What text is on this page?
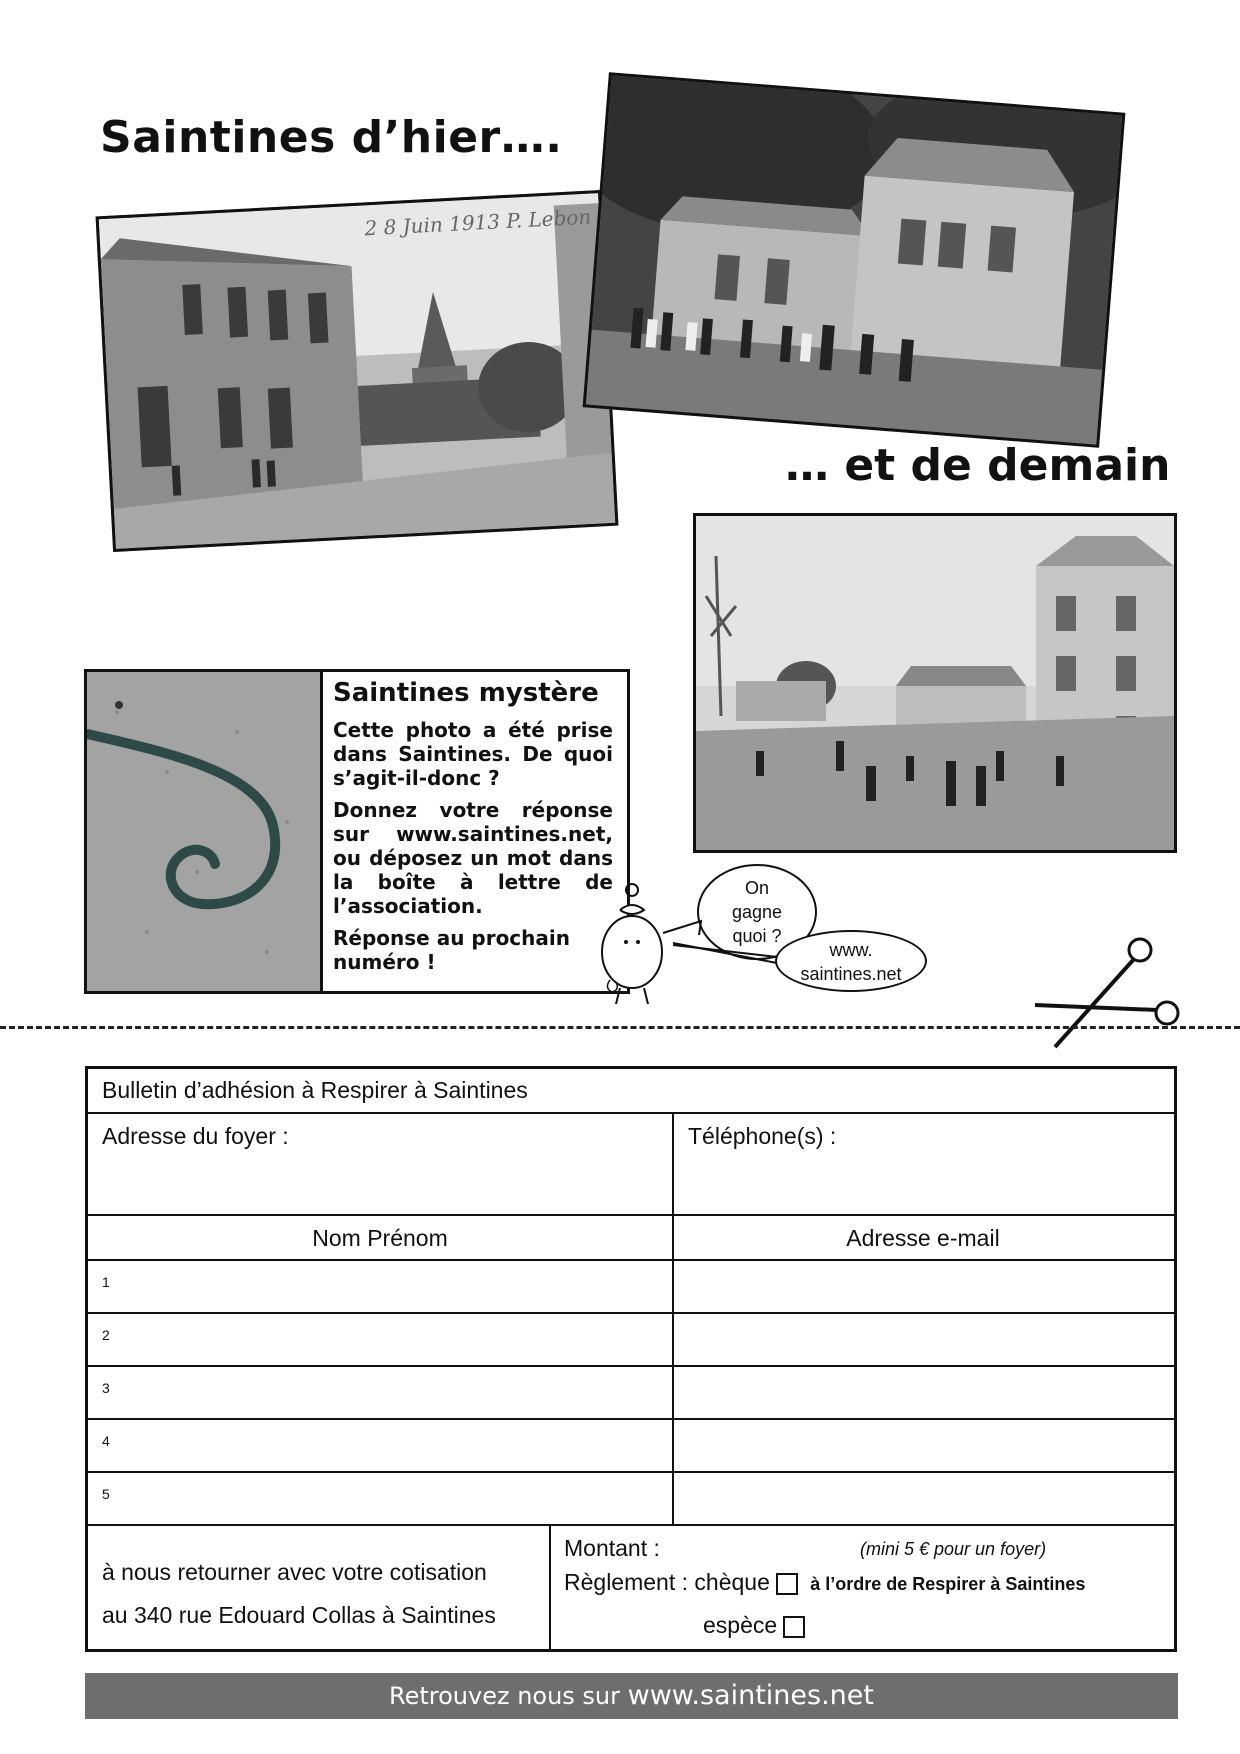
Saintines d’hier….
… et de demain
2 8 Juin 1913 P. Lebon
Saintines mystère

Cette photo a été prise dans Saintines. De quoi s’agit-il-donc ?

Donnez votre réponse sur www.saintines.net, ou déposez un mot dans la boîte à lettre de l’association.

Réponse au prochain numéro !

On
gagne
quoi ?
www.
saintines.net
Bulletin d’adhésion à Respirer à Saintines
Adresse du foyer :	Téléphone(s) :
Nom Prénom	Adresse e-mail
1
2
3
4
5
à nous retourner avec votre cotisation
au 340 rue Edouard Collas à Saintines
Montant :	(mini 5 € pour un foyer)
Règlement : chèque à l’ordre de Respirer à Saintines
espèce
Retrouvez nous sur www.saintines.net
